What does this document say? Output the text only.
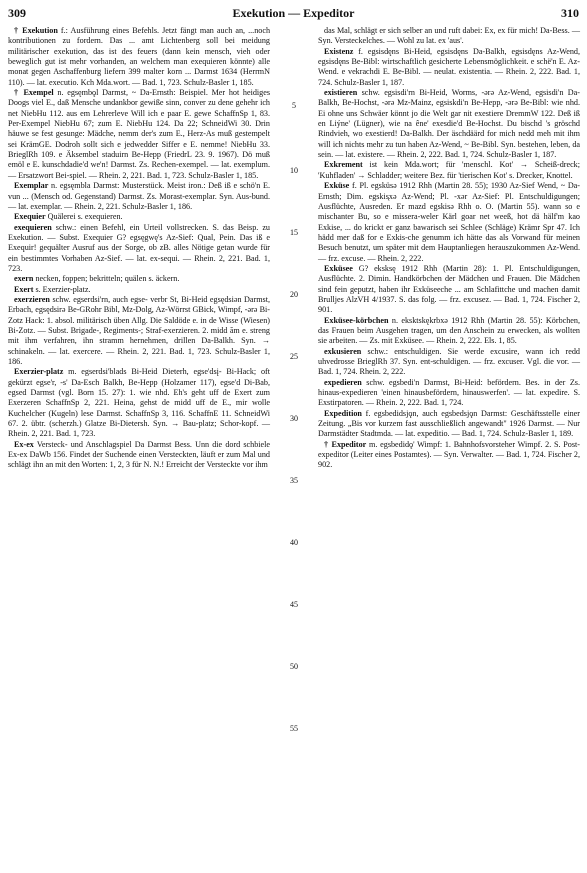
309	Exekution — Expeditor	310

† Exekution f.: Ausführung eines Befehls. Jetzt fängt man auch an, ...noch kontributionen zu fordern. Das ... amt Lichtenberg soll bei meidung militärischer exekution, das ist des feuers (dann kein mensch, vieh oder beweglich gut ist mehr vorhanden, an welchem man exequieren könnte) alle monat gegen Aschaffenburg liefern 399 malter korn ... Darmst 1634 (HerrmN 110). — lat. executio. Kch Mda.wort. — Bad. 1, 723. Schulz-Basler 1, 185.

† Exempel n. egsęmbǫl Darmst, ~ Da-Ernsth: Beispiel. Mer hot heidiges Doogs viel E., daß Mensche undankbor gewiße sinn, conver zu dene gehehr ich net NiebHu 112. aus em Lehrerleve Will ich e paar E. gewe SchaffnSp 1, 83. Per-Exempel NiebHu 67; zum E. NiebHu 124. Da 22; SchneidWi 30. Drin häuwe se fest gesunge: Mädche, nemm der's zum E., Herz-As muß gestempelt sei KrämGE. Dodroh sollt sich e jedwedder Siffer e E. nemme! NiebHu 33. BrieglRh 109. e Äksembel staduirn Be-Hepp (FriedrL 23. 9. 1967). Dö muß emöl e E. kunschdadie'd we'n! Darmst. Zs. Rechen-exempel. — lat. exemplum. — Ersatzwort Bei-spiel. — Rhein. 2, 221. Bad. 1, 723. Schulz-Basler 1, 185.

Exemplar n. egsęmbla Darmst: Musterstück. Meist iron.: Deß iß e schö'n E. vun ... (Mensch od. Gegenstand) Darmst. Zs. Morast-exemplar. Syn. Aus-bund. — lat. exemplar. — Rhein. 2, 221. Schulz-Basler 1, 186.

Exequier Quälerei s. exequieren.

exequieren schw.: einen Befehl, ein Urteil vollstrecken. S. das Beisp. zu Exekution. — Subst. Exequier G? egsęgwę's Az-Sief: Qual, Pein. Das iß e Exequir! gequälter Ausruf aus der Sorge, ob zB. alles Nötige getan wurde für ein bestimmtes Vorhaben Az-Sief. — lat. ex-sequi. — Rhein. 2, 221. Bad. 1, 723.

exern necken, foppen; bekritteln; quälen s. äckern.

Exert s. Exerzier-platz.

exerzieren schw. egserdsi'rn, auch egse- verbr St, Bi-Heid egsędsiǝn Darmst, Erbach, egsędsirǝ Be-GRohr Bibl, Mz-Dolg, Az-Wörrst GBick, Wimpf, -ǝrǝ Bi-Zotz Hack: 1. absol. militärisch üben Allg. Die Saldöde e. in de Wisse (Wiesen) Bi-Zotz. — Subst. Brigade-, Regiments-; Straf-exerzieren. 2. midd ăm e. streng mit ihm verfahren, ihn stramm hernehmen, drillen Da-Balkh. Syn. → schinakeln. — lat. exercere. — Rhein. 2, 221. Bad. 1, 723. Schulz-Basler 1, 186.

Exerzier-platz m. egserdsi'blads Bi-Heid Dieterh, egse'dsį- Bi-Hack; oft gekürzt egse'r, -s' Da-Esch Balkh, Be-Hepp (Holzamer 117), egse'd Di-Bab, egsed Darmst (vgl. Born 15. 27): 1. wie nhd. Eh's geht uff de Exert zum Exerzeren SchaffnSp 2, 221. Heina, gehst de midd uff de E., mir wolle Kuchelcher (Kugeln) lese Darmst. SchaffnSp 3, 116. SchaffnE 11. SchneidWi 67. 2. übtr. (scherzh.) Glatze Bi-Dietersh. Syn. → Bau-platz; Schor-kopf. — Rhein. 2, 221. Bad. 1, 723.

Ex-ex Versteck- und Anschlagspiel Da Darmst Bess. Unn die dord schbiele Ex-ex DaWb 156. Findet der Suchende einen Versteckten, läuft er zum Mal und schlägt ihn an mit den Worten: 1, 2, 3 für N. N.! Erreicht der Versteckte vor ihm

5
10
15
20
25
30
35
40
45
50
55

das Mal, schlägt er sich selber an und ruft dabei: Ex, ex für mich! Da-Bess. — Syn. Versteckelches. — Wohl zu lat. ex 'aus'.

Existenz f. egsisdęns Bi-Heid, egsisdęns Da-Balkh, egsisdęns Az-Wend, egsisdęns Be-Bibl: wirtschaftlich gesicherte Lebensmöglichkeit. e schë'n E. Az-Wend. e vekrachdi E. Be-Bibl. — neulat. existentia. — Rhein. 2, 222. Bad. 1, 724. Schulz-Basler 1, 187.

existieren schw. egsisdi'rn Bi-Heid, Worms, -ǝrǝ Az-Wend, egsisdi'n Da-Balkh, Be-Hochst, -ǝrǝ Mz-Mainz, egsiskdi'n Be-Hepp, -ǝrǝ Be-Bibl: wie nhd. Ei ohne uns Schwäer könnt jo die Welt gar nit exestiere DremmW 122. Deß iß en Liýne' (Lügner), wie na êne' exesdie'd Be-Hochst. Du bischd 's gröschd Rindvieh, wo exestierd! Da-Balkh. Der äschdäärd for mich nedd meh mit ihm will ich nichts mehr zu tun haben Az-Wend, ~ Be-Bibl. Syn. bestehen, leben, da sein. — lat. existere. — Rhein. 2, 222. Bad. 1, 724. Schulz-Basler 1, 187.

Exkrement ist kein Mda.wort; für 'menschl. Kot' → Scheiß-dreck; 'Kuhfladen' → Schladder; weitere Bez. für 'tierischen Kot' s. Drecker, Knottel.

Exküse f. Pl. egsküsǝ 1912 Rhh (Martin 28. 55); 1930 Az-Sief Wend, ~ Da-Ernsth; Dim. egskis̨xǝ Az-Wend; Pl. -xǝr Az-Sief: Pl. Entschuldigungen; Ausflüchte, Ausreden. Er mazd egskisǝ Rhh o. O. (Martin 55). wann so e mischanter Bu, so e missera-weler Kärl goar net weeß, hot dä hälf'm kao Exkise, ... do krickt er ganz bawarisch sei Schlee (Schläge) Krämr Spr 47. Ich hädd mer daß for e Exkis-che genumm ich hätte das als Vorwand für meinen Besuch benutzt, um später mit dem Hauptanliegen herauszukommen Az-Wend. — frz. excuse. — Rhein. 2, 222.

Exküsee G? eksksę 1912 Rhh (Martin 28): 1. Pl. Entschuldigungen, Ausflüchte. 2. Dimin. Handkörbchen der Mädchen und Frauen. Die Mädchen sind fein geputzt, haben ihr Exküseeche ... am Schlafittche und machen damit Brulljes AlzVH 4/1937. S. das folg. — frz. excusez. — Bad. 1, 724. Fischer 2, 901.

Exküsee-körbchen n. eksktskękrbxǝ 1912 Rhh (Martin 28. 55): Körbchen, das Frauen beim Ausgehen tragen, um den Anschein zu erwecken, als wollten sie arbeiten. — Zs. mit Exküsee. — Rhein. 2, 222. Els. 1, 85.

exkusieren schw.: entschuldigen. Sie werde excusire, wann ich redd uhvedrosse BrieglRh 37. Syn. ent-schuldigen. — frz. excuser. Vgl. die vor. — Bad. 1, 724. Rhein. 2, 222.

expedieren schw. egsbedi'n Darmst, Bi-Heid: befördern. Bes. in der Zs. hinaus-expedieren 'einen hinausbefördern, hinauswerfen'. — lat. expedire. S. Exstirpatoren. — Rhein. 2, 222. Bad. 1, 724.

Expedition f. egsbedidsjǫn, auch egsbedsjǫn Darmst: Geschäftsstelle einer Zeitung. „Bis vor kurzem fast ausschließlich angewandt" 1926 Darmst. — Nur Darmstädter Stadtmda. — lat. expeditio. — Bad. 1, 724. Schulz-Basler 1, 189.

† Expeditor m. egsbedidǫ' Wimpf: 1. Bahnhofsvorsteher Wimpf. 2. S. Post-expeditor (Leiter eines Postamtes). — Syn. Verwalter. — Bad. 1, 724. Fischer 2, 902.
